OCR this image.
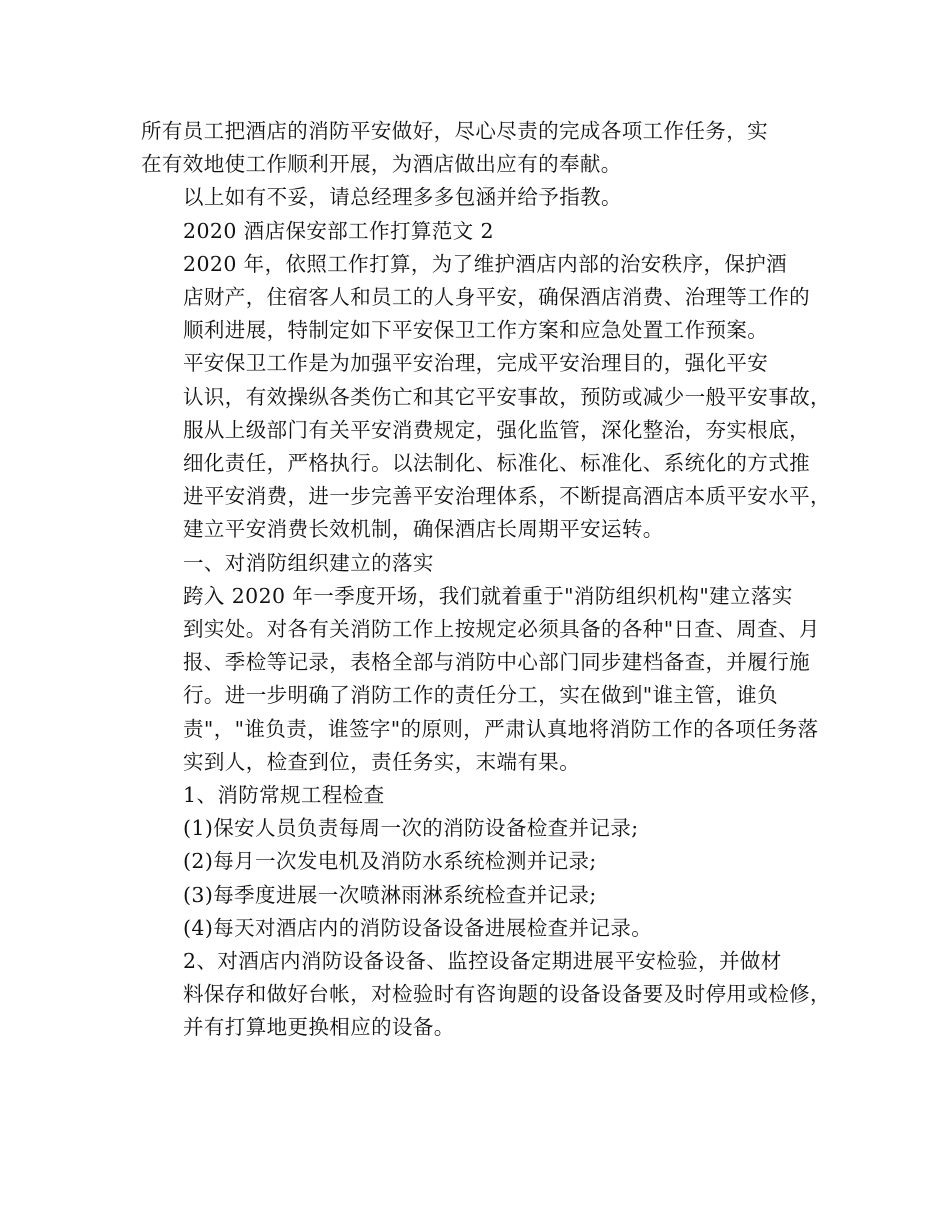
所有员工把酒店的消防平安做好，尽心尽责的完成各项工作任务，实
在有效地使工作顺利开展，为酒店做出应有的奉献。

以上如有不妥，请总经理多多包涵并给予指教。

2020 酒店保安部工作打算范文 2

2020 年，依照工作打算，为了维护酒店内部的治安秩序，保护酒
店财产，住宿客人和员工的人身平安，确保酒店消费、治理等工作的
顺利进展，特制定如下平安保卫工作方案和应急处置工作预案。

平安保卫工作是为加强平安治理，完成平安治理目的，强化平安
认识，有效操纵各类伤亡和其它平安事故，预防或减少一般平安事故，
服从上级部门有关平安消费规定，强化监管，深化整治，夯实根底，
细化责任，严格执行。以法制化、标准化、标准化、系统化的方式推
进平安消费，进一步完善平安治理体系，不断提高酒店本质平安水平，
建立平安消费长效机制，确保酒店长周期平安运转。

一、对消防组织建立的落实

跨入 2020 年一季度开场，我们就着重于"消防组织机构"建立落实
到实处。对各有关消防工作上按规定必须具备的各种"日查、周查、月
报、季检等记录，表格全部与消防中心部门同步建档备查，并履行施
行。进一步明确了消防工作的责任分工，实在做到"谁主管，谁负
责"，"谁负责，谁签字"的原则，严肃认真地将消防工作的各项任务落
实到人，检查到位，责任务实，末端有果。

1、消防常规工程检查

(1)保安人员负责每周一次的消防设备检查并记录;

(2)每月一次发电机及消防水系统检测并记录;

(3)每季度进展一次喷淋雨淋系统检查并记录;

(4)每天对酒店内的消防设备设备进展检查并记录。

2、对酒店内消防设备设备、监控设备定期进展平安检验，并做材
料保存和做好台帐，对检验时有咨询题的设备设备要及时停用或检修，
并有打算地更换相应的设备。
